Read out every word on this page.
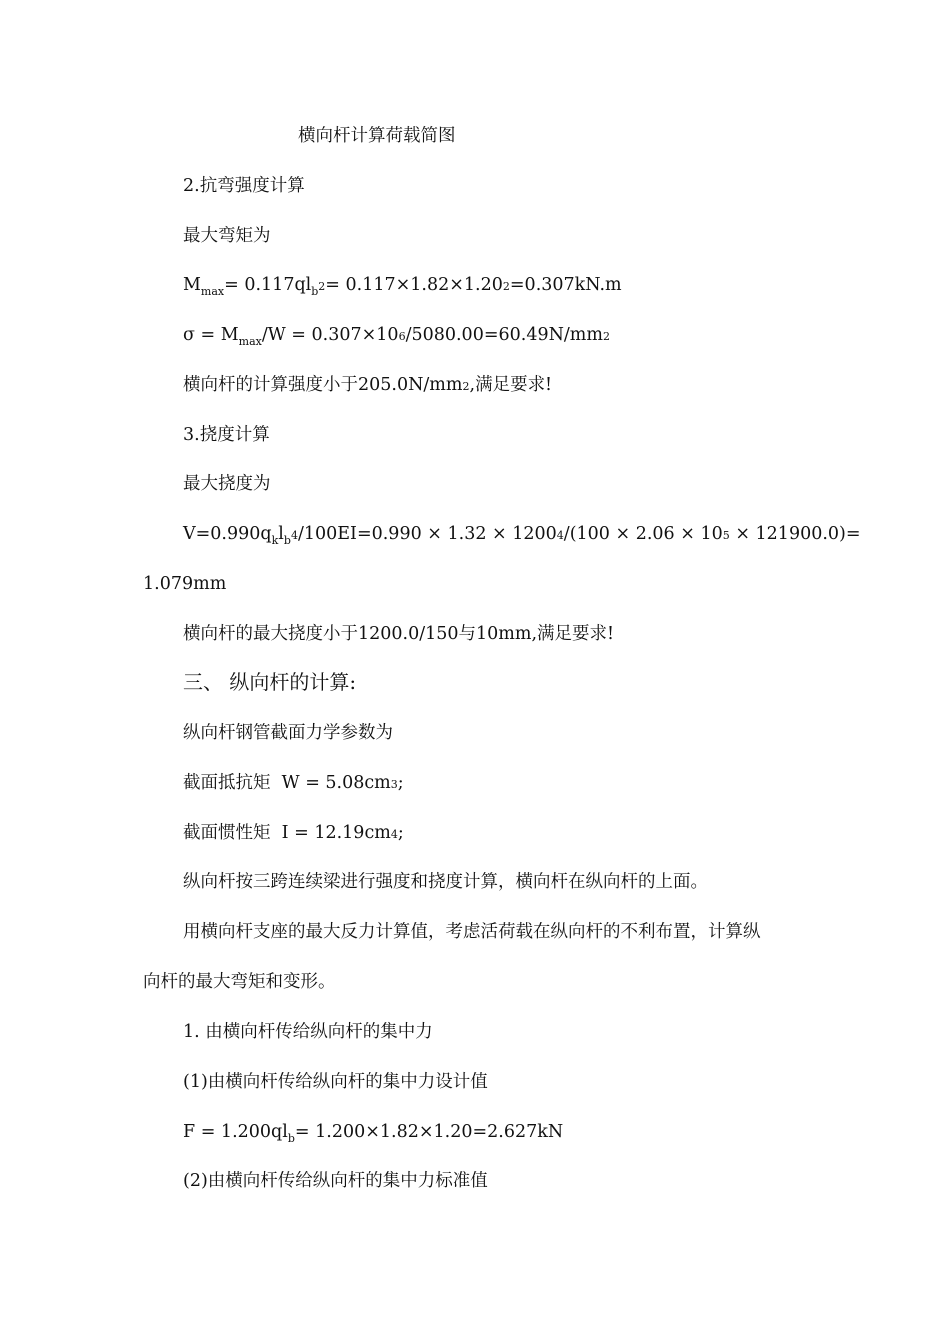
横向杆计算荷载简图
2.抗弯强度计算
最大弯矩为
$M_{max}= 0.117ql_b2= 0.117\times 1.82\times 1.202=0.307kN.m$
$\sigma = M_{max}/W = 0.307\times 106/5080.00=60.49N/mm2$
横向杆的计算强度小于205.0N/mm2,满足要求!
3.挠度计算
最大挠度为
$V=0.990q_kl_b4/100EI = 0.990 \times 1.32 \times 12004/(100 \times 2.06 \times 105 \times 121900.0)$ =
1.079mm
横向杆的最大挠度小于1200.0/150与10mm,满足要求!
三、 纵向杆的计算:
纵向杆钢管截面力学参数为
截面抵抗矩 W = 5.08cm3;
截面惯性矩 I = 12.19cm4;
纵向杆按三跨连续梁进行强度和挠度计算，横向杆在纵向杆的上面。
用横向杆支座的最大反力计算值，考虑活荷载在纵向杆的不利布置，计算纵
向杆的最大弯矩和变形。
1. 由横向杆传给纵向杆的集中力
(1)由横向杆传给纵向杆的集中力设计值
$F = 1.200ql_b= 1.200\times 1.82\times 1.20=2.627kN$
(2)由横向杆传给纵向杆的集中力标准值
